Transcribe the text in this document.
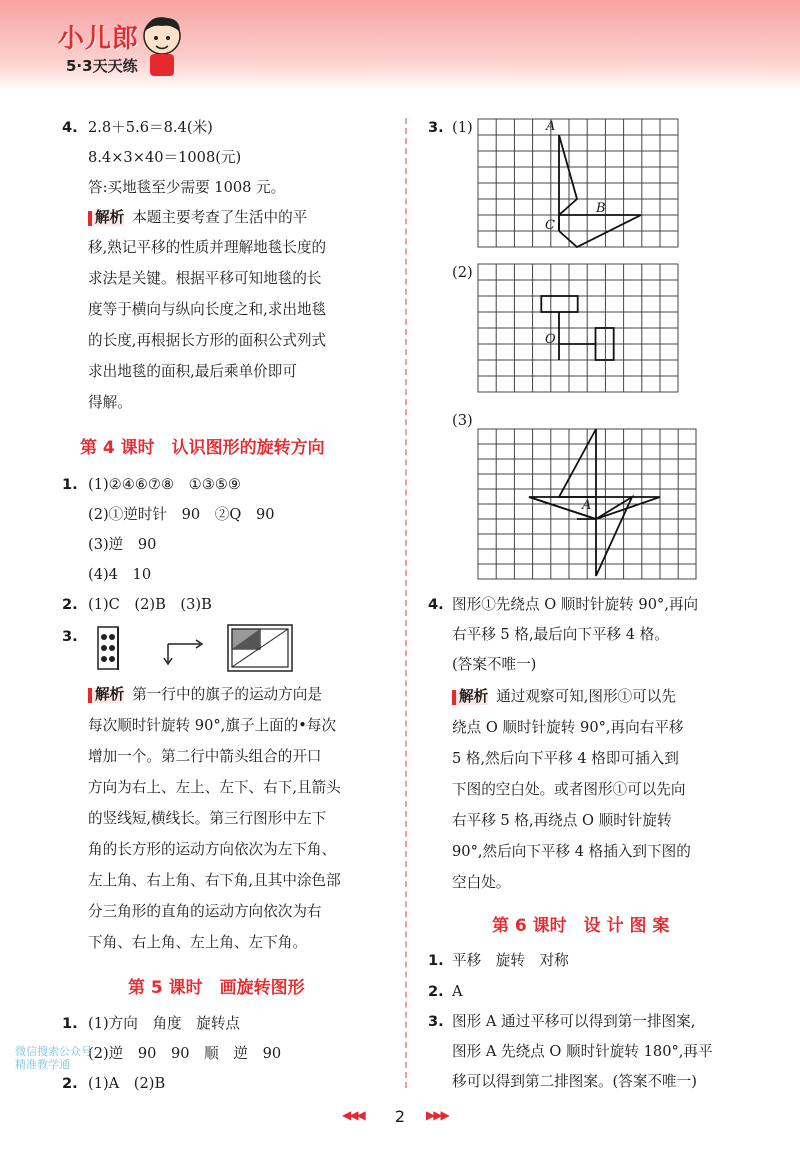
小儿郎
5·3天天练
4. 2.8＋5.6＝8.4(米)
8.4×3×40＝1008(元)
答:买地毯至少需要 1008 元。
解析 本题主要考查了生活中的平
移,熟记平移的性质并理解地毯长度的
求法是关键。根据平移可知地毯的长
度等于横向与纵向长度之和,求出地毯
的长度,再根据长方形的面积公式列式
求出地毯的面积,最后乘单价即可
得解。
第 4 课时　认识图形的旋转方向
1. (1)②④⑥⑦⑧　①③⑤⑨
(2)①逆时针　90　②Q　90
(3)逆　90
(4)4　10
2. (1)C　(2)B　(3)B
3.
解析 第一行中的旗子的运动方向是
每次顺时针旋转 90°,旗子上面的•每次
增加一个。第二行中箭头组合的开口
方向为右上、左上、左下、右下,且箭头
的竖线短,横线长。第三行图形中左下
角的长方形的运动方向依次为左下角、
左上角、右上角、右下角,且其中涂色部
分三角形的直角的运动方向依次为右
下角、右上角、左上角、左下角。
第 5 课时　画旋转图形
1. (1)方向　角度　旋转点
(2)逆　90　90　顺　逆　90
2. (1)A　(2)B
微信搜索公众号
精准教学通
3. (1)	A
B
C
(2)
O
(3)
A
4. 图形①先绕点 O 顺时针旋转 90°,再向
右平移 5 格,最后向下平移 4 格。
(答案不唯一)
解析 通过观察可知,图形①可以先
绕点 O 顺时针旋转 90°,再向右平移
5 格,然后向下平移 4 格即可插入到
下图的空白处。或者图形①可以先向
右平移 5 格,再绕点 O 顺时针旋转
90°,然后向下平移 4 格插入到下图的
空白处。
第 6 课时　设 计 图 案
1. 平移　旋转　对称
2. A
3. 图形 A 通过平移可以得到第一排图案,
图形 A 先绕点 O 顺时针旋转 180°,再平
移可以得到第二排图案。(答案不唯一)
◀◀◀	2	▶▶▶
